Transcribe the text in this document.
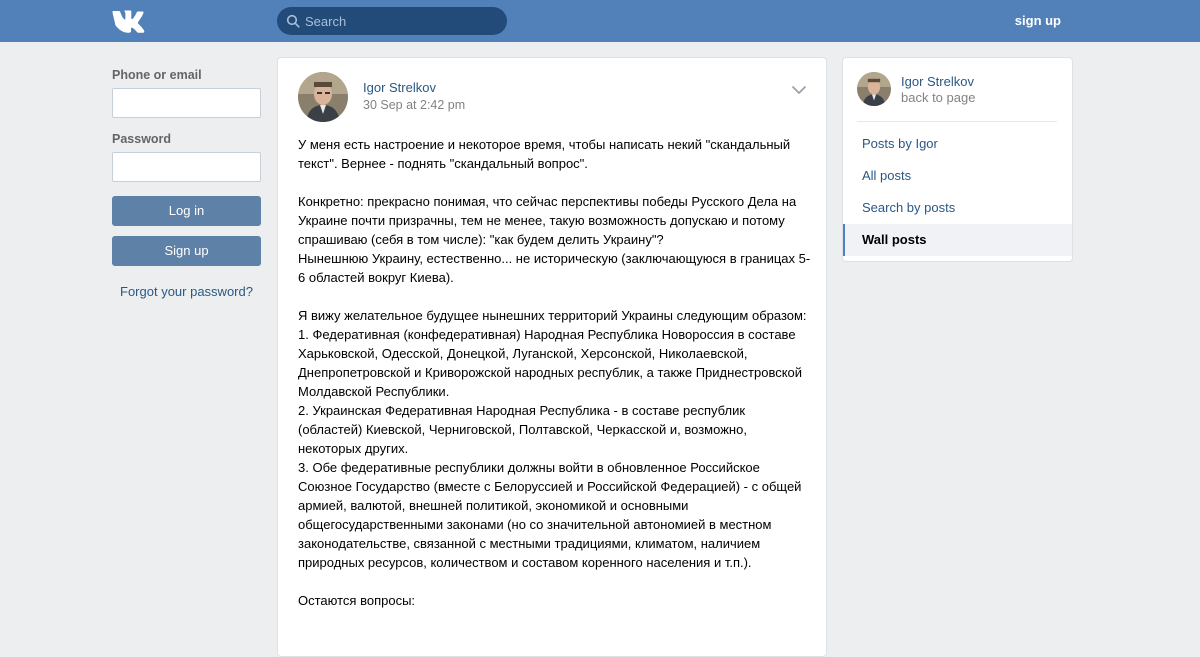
Search
sign up
Phone or email
Password
Log in
Sign up
Forgot your password?
Igor Strelkov
30 Sep at 2:42 pm

У меня есть настроение и некоторое время, чтобы написать некий "скандальный текст". Вернее - поднять "скандальный вопрос".

Конкретно: прекрасно понимая, что сейчас перспективы победы Русского Дела на Украине почти призрачны, тем не менее, такую возможность допускаю и потому спрашиваю (себя в том числе): "как будем делить Украину"?

Нынешнюю Украину, естественно... не историческую (заключающуюся в границах 5-6 областей вокруг Киева).

Я вижу желательное будущее нынешних территорий Украины следующим образом:

1. Федеративная (конфедеративная) Народная Республика Новороссия в составе Харьковской, Одесской, Донецкой, Луганской, Херсонской, Николаевской, Днепропетровской и Криворожской народных республик, а также Приднестровской Молдавской Республики.

2. Украинская Федеративная Народная Республика - в составе республик (областей) Киевской, Черниговской, Полтавской, Черкасской и, возможно, некоторых других.

3. Обе федеративные республики должны войти в обновленное Российское Союзное Государство (вместе с Белоруссией и Российской Федерацией) - с общей армией, валютой, внешней политикой, экономикой и основными общегосударственными законами (но со значительной автономией в местном законодательстве, связанной с местными традициями, климатом, наличием природных ресурсов, количеством и составом коренного населения и т.п.).

Остаются вопросы:

Igor Strelkov
back to page
Posts by Igor
All posts
Search by posts
Wall posts
